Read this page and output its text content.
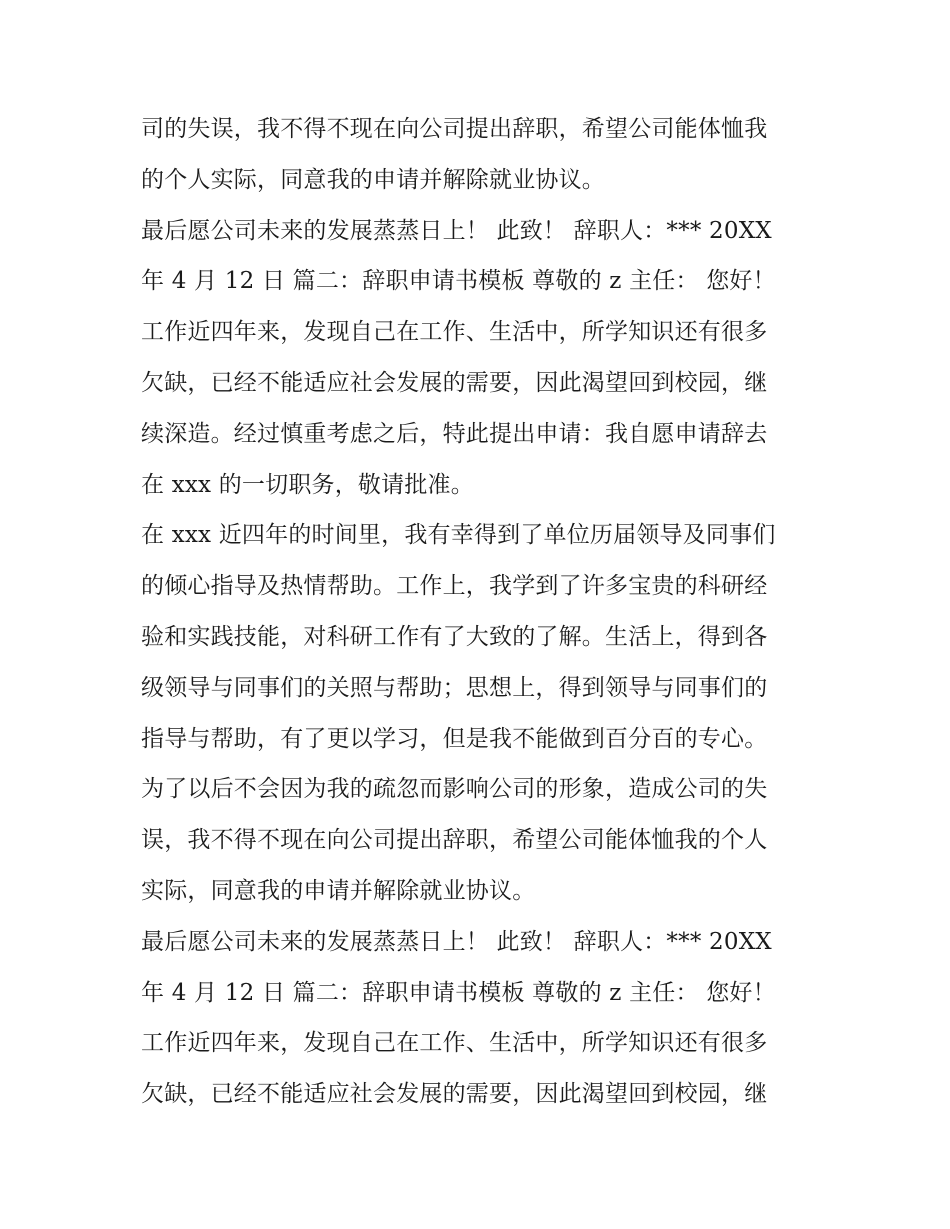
司的失误，我不得不现在向公司提出辞职，希望公司能体恤我
的个人实际，同意我的申请并解除就业协议。
最后愿公司未来的发展蒸蒸日上！ 此致！ 辞职人：*** 20XX
年 4 月 12 日 篇二：辞职申请书模板 尊敬的 z 主任： 您好！
工作近四年来，发现自己在工作、生活中，所学知识还有很多
欠缺，已经不能适应社会发展的需要，因此渴望回到校园，继
续深造。经过慎重考虑之后，特此提出申请：我自愿申请辞去
在 xxx 的一切职务，敬请批准。
在 xxx 近四年的时间里，我有幸得到了单位历届领导及同事们
的倾心指导及热情帮助。工作上，我学到了许多宝贵的科研经
验和实践技能，对科研工作有了大致的了解。生活上，得到各
级领导与同事们的关照与帮助；思想上，得到领导与同事们的
指导与帮助，有了更以学习，但是我不能做到百分百的专心。
为了以后不会因为我的疏忽而影响公司的形象，造成公司的失
误，我不得不现在向公司提出辞职，希望公司能体恤我的个人
实际，同意我的申请并解除就业协议。
最后愿公司未来的发展蒸蒸日上！ 此致！ 辞职人：*** 20XX
年 4 月 12 日 篇二：辞职申请书模板 尊敬的 z 主任： 您好！
工作近四年来，发现自己在工作、生活中，所学知识还有很多
欠缺，已经不能适应社会发展的需要，因此渴望回到校园，继
